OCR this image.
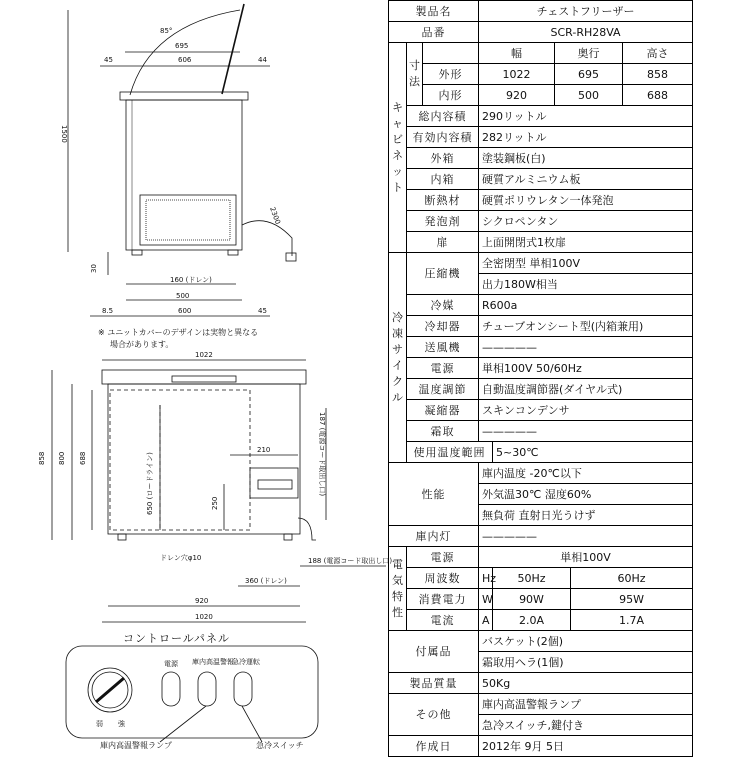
85°
695
45	606	44
2300
1500
30
160 (ドレン)
500
8.5	600	45
1022
858 800 688
210
650 (ロードライン)	250
187 (電源コード取出し口)
ドレン穴φ10	188 (電源コード取出し口)
360 (ドレン)
920
1020
弱 強
電源 庫内高温警報
急冷運転
※ ユニットカバーのデザインは実物と異なる
場合があります。
コントロールパネル
庫内高温警報ランプ	急冷スイッチ
製品名			チェストフリーザー				
品番			SCR-RH28VA				

キャビネット	寸法		幅		奥行		高さ
		外形	1022		695		858
		内形	920		500		688
	総内容積		290リットル				
	有効内容積		282リットル				
	外箱		塗装鋼板(白)				
	内箱		硬質アルミニウム板				
	断熱材		硬質ポリウレタン一体発泡				
	発泡剤		シクロペンタン				
	扉		上面開閉式1枚扉				

冷凍サイクル	圧縮機		全密閉型 単相100V				
			出力180W相当				
	冷媒		R600a				
	冷却器		チューブオンシート型(内箱兼用)				
	送風機		—————				
	電源		単相100V 50/60Hz				
	温度調節		自動温度調節器(ダイヤル式)				
	凝縮器		スキンコンデンサ				
	霜取		—————				
	使用温度範囲			5~30℃			
性能			庫内温度 -20℃以下				
			外気温30℃ 湿度60%				
			無負荷 直射日光うけず				
庫内灯			—————				

電気特性	電源		単相100V				
	周波数		Hz	50Hz		60Hz	
	消費電力		W	90W		95W	
	電流		A	2.0A		1.7A	
付属品			バスケット(2個)				
			霜取用ヘラ(1個)				
製品質量			50Kg				
その他			庫内高温警報ランプ				
			急冷スイッチ,鍵付き				
作成日			2012年 9月 5日				
